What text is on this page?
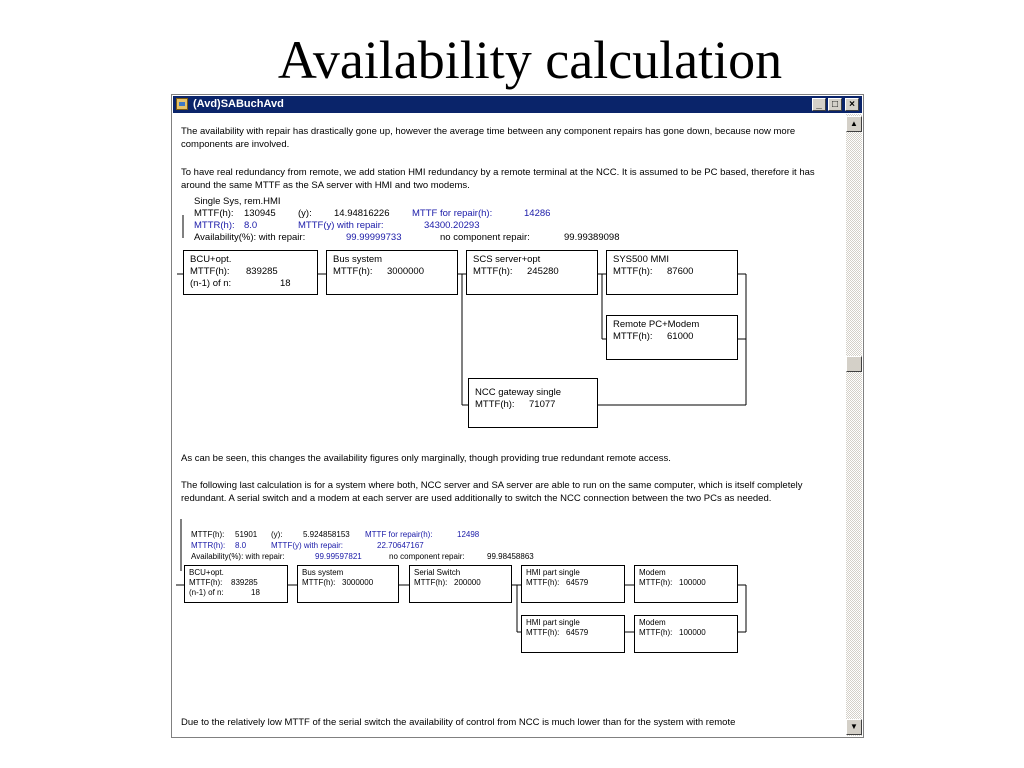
Availability calculation
(Avd)SABuchAvd	_	□	×
The availability with repair has drastically gone up, however the average time between any component repairs has gone down, because now more components are involved.
To have real redundancy from remote, we add station HMI redundancy by a remote terminal at the NCC. It is assumed to be PC based, therefore it has around the same MTTF as the SA server with HMI and two modems.
Single Sys, rem.HMI
MTTF(h): 130945 (y): 14.94816226 MTTF for repair(h):	14286
MTTR(h): 8.0	MTTF(y) with repair:	34300.20293
Availability(%): with repair:	99.99999733	no component repair:	99.99389098
BCU+opt.
MTTF(h): 839285
(n-1) of n:	18
Bus system
MTTF(h): 3000000
SCS server+opt
MTTF(h): 245280
SYS500 MMI
MTTF(h): 87600
Remote PC+Modem
MTTF(h): 61000
NCC gateway single
MTTF(h): 71077
As can be seen, this changes the availability figures only marginally, though providing true redundant remote access.
The following last calculation is for a system where both, NCC server and SA server are able to run on the same computer, which is itself completely redundant. A serial switch and a modem at each server are used additionally to switch the NCC connection between the two PCs as needed.
MTTF(h): 51901 (y):	5.924858153 MTTF for repair(h):	12498
MTTR(h): 8.0	MTTF(y) with repair:	22.70647167
Availability(%): with repair:	99.99597821	no component repair:	99.98458863
BCU+opt.
MTTF(h): 839285
(n-1) of n:	18
Bus system
MTTF(h): 3000000
Serial Switch
MTTF(h): 200000
HMI part single
MTTF(h): 64579
Modem
MTTF(h): 100000
HMI part single
MTTF(h): 64579
Modem
MTTF(h): 100000
Due to the relatively low MTTF of the serial switch the availability of control from NCC is much lower than for the system with remote
▲
▼
